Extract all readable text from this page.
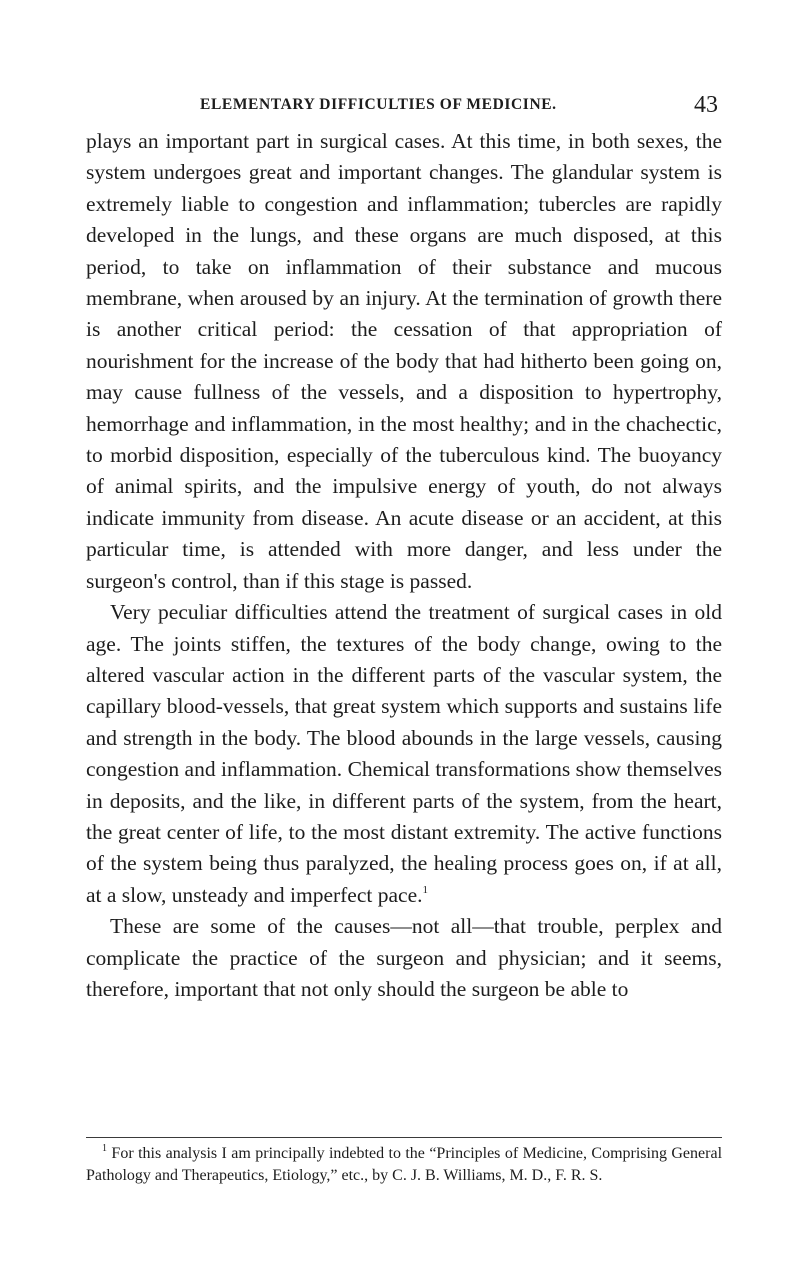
ELEMENTARY DIFFICULTIES OF MEDICINE.	43

plays an important part in surgical cases. At this time, in both sexes, the system undergoes great and important changes. The glandular system is extremely liable to congestion and inflammation; tubercles are rapidly developed in the lungs, and these organs are much disposed, at this period, to take on inflammation of their substance and mucous membrane, when aroused by an injury. At the termination of growth there is another critical period: the cessation of that appropriation of nourishment for the increase of the body that had hitherto been going on, may cause fullness of the vessels, and a disposition to hypertrophy, hemorrhage and inflammation, in the most healthy; and in the chachectic, to morbid disposition, especially of the tuberculous kind. The buoyancy of animal spirits, and the impulsive energy of youth, do not always indicate immunity from disease. An acute disease or an accident, at this particular time, is attended with more danger, and less under the surgeon's control, than if this stage is passed.

Very peculiar difficulties attend the treatment of surgical cases in old age. The joints stiffen, the textures of the body change, owing to the altered vascular action in the different parts of the vascular system, the capillary blood-vessels, that great system which supports and sustains life and strength in the body. The blood abounds in the large vessels, causing congestion and inflammation. Chemical transformations show themselves in deposits, and the like, in different parts of the system, from the heart, the great center of life, to the most distant extremity. The active functions of the system being thus paralyzed, the healing process goes on, if at all, at a slow, unsteady and imperfect pace.$^1$

These are some of the causes—not all—that trouble, perplex and complicate the practice of the surgeon and physician; and it seems, therefore, important that not only should the surgeon be able to

$^1$ For this analysis I am principally indebted to the “Principles of Medicine, Comprising General Pathology and Therapeutics, Etiology,” etc., by C. J. B. Williams, M. D., F. R. S.
